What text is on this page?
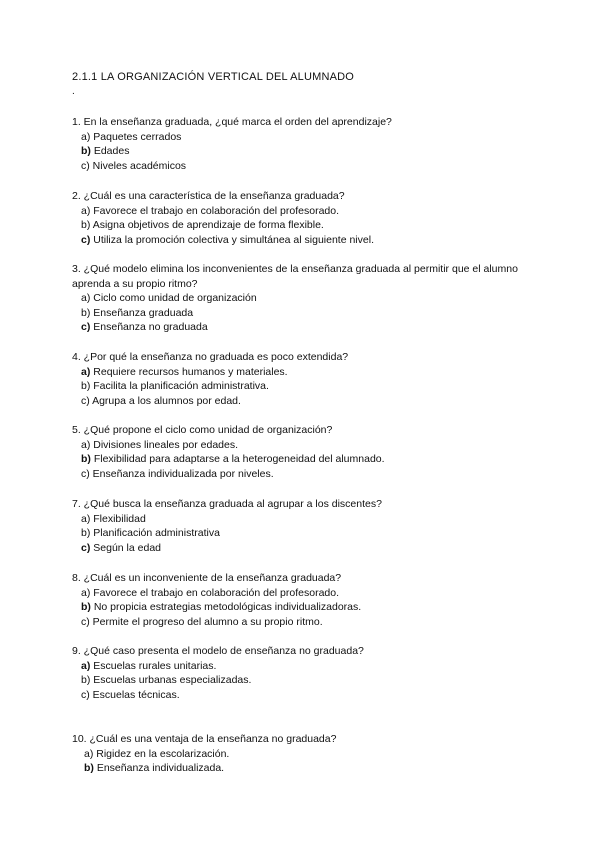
2.1.1 LA ORGANIZACIÓN VERTICAL DEL ALUMNADO
.

1. En la enseñanza graduada, ¿qué marca el orden del aprendizaje?

a) Paquetes cerrados

b) Edades

c) Niveles académicos

2. ¿Cuál es una característica de la enseñanza graduada?

a) Favorece el trabajo en colaboración del profesorado.

b) Asigna objetivos de aprendizaje de forma flexible.

c) Utiliza la promoción colectiva y simultánea al siguiente nivel.

3. ¿Qué modelo elimina los inconvenientes de la enseñanza graduada al permitir que el alumno aprenda a su propio ritmo?

a) Ciclo como unidad de organización

b) Enseñanza graduada

c) Enseñanza no graduada

4. ¿Por qué la enseñanza no graduada es poco extendida?

a) Requiere recursos humanos y materiales.

b) Facilita la planificación administrativa.

c) Agrupa a los alumnos por edad.

5. ¿Qué propone el ciclo como unidad de organización?

a) Divisiones lineales por edades.

b) Flexibilidad para adaptarse a la heterogeneidad del alumnado.

c) Enseñanza individualizada por niveles.

7. ¿Qué busca la enseñanza graduada al agrupar a los discentes?

a) Flexibilidad

b) Planificación administrativa

c) Según la edad

8. ¿Cuál es un inconveniente de la enseñanza graduada?

a) Favorece el trabajo en colaboración del profesorado.

b) No propicia estrategias metodológicas individualizadoras.

c) Permite el progreso del alumno a su propio ritmo.

9. ¿Qué caso presenta el modelo de enseñanza no graduada?

a) Escuelas rurales unitarias.

b) Escuelas urbanas especializadas.

c) Escuelas técnicas.

10. ¿Cuál es una ventaja de la enseñanza no graduada?

a) Rigidez en la escolarización.

b) Enseñanza individualizada.
